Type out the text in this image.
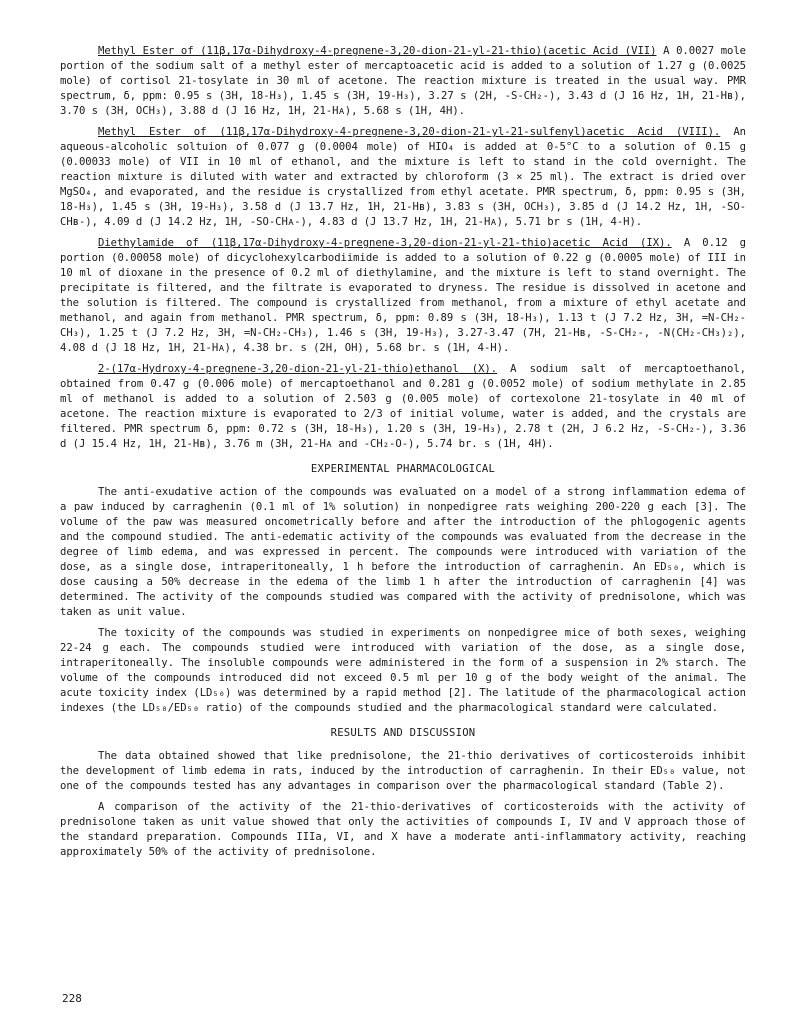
Methyl Ester of (11β,17α-Dihydroxy-4-pregnene-3,20-dion-21-yl-21-thio)(acetic Acid (VII) A 0.0027 mole portion of the sodium salt of a methyl ester of mercaptoacetic acid is added to a solution of 1.27 g (0.0025 mole) of cortisol 21-tosylate in 30 ml of acetone. The reaction mixture is treated in the usual way. PMR spectrum, δ, ppm: 0.95 s (3H, 18-H₃), 1.45 s (3H, 19-H₃), 3.27 s (2H, -S-CH₂-), 3.43 d (J 16 Hz, 1H, 21-Hʙ), 3.70 s (3H, OCH₃), 3.88 d (J 16 Hz, 1H, 21-Hᴀ), 5.68 s (1H, 4H).

Methyl Ester of (11β,17α-Dihydroxy-4-pregnene-3,20-dion-21-yl-21-sulfenyl)acetic Acid (VIII). An aqueous-alcoholic soltuion of 0.077 g (0.0004 mole) of HIO₄ is added at 0-5°C to a solution of 0.15 g (0.00033 mole) of VII in 10 ml of ethanol, and the mixture is left to stand in the cold overnight. The reaction mixture is diluted with water and extracted by chloroform (3 × 25 ml). The extract is dried over MgSO₄, and evaporated, and the residue is crystallized from ethyl acetate. PMR spectrum, δ, ppm: 0.95 s (3H, 18-H₃), 1.45 s (3H, 19-H₃), 3.58 d (J 13.7 Hz, 1H, 21-Hʙ), 3.83 s (3H, OCH₃), 3.85 d (J 14.2 Hz, 1H, -SO- CHʙ-), 4.09 d (J 14.2 Hz, 1H, -SO-CHᴀ-), 4.83 d (J 13.7 Hz, 1H, 21-Hᴀ), 5.71 br s (1H, 4-H).

Diethylamide of (11β,17α-Dihydroxy-4-pregnene-3,20-dion-21-yl-21-thio)acetic Acid (IX). A 0.12 g portion (0.00058 mole) of dicyclohexylcarbodiimide is added to a solution of 0.22 g (0.0005 mole) of III in 10 ml of dioxane in the presence of 0.2 ml of diethylamine, and the mixture is left to stand overnight. The precipitate is filtered, and the filtrate is evaporated to dryness. The residue is dissolved in acetone and the solution is filtered. The compound is crystallized from methanol, from a mixture of ethyl acetate and methanol, and again from methanol. PMR spectrum, δ, ppm: 0.89 s (3H, 18-H₃), 1.13 t (J 7.2 Hz, 3H, =N-CH₂-CH₃), 1.25 t (J 7.2 Hz, 3H, =N-CH₂-CH₃), 1.46 s (3H, 19-H₃), 3.27-3.47 (7H, 21-Hʙ, -S-CH₂-, -N(CH₂-CH₃)₂), 4.08 d (J 18 Hz, 1H, 21-Hᴀ), 4.38 br. s (2H, OH), 5.68 br. s (1H, 4-H).

2-(17α-Hydroxy-4-pregnene-3,20-dion-21-yl-21-thio)ethanol (X). A sodium salt of mercaptoethanol, obtained from 0.47 g (0.006 mole) of mercaptoethanol and 0.281 g (0.0052 mole) of sodium methylate in 2.85 ml of methanol is added to a solution of 2.503 g (0.005 mole) of cortexolone 21-tosylate in 40 ml of acetone. The reaction mixture is evaporated to 2/3 of initial volume, water is added, and the crystals are filtered. PMR spectrum δ, ppm: 0.72 s (3H, 18-H₃), 1.20 s (3H, 19-H₃), 2.78 t (2H, J 6.2 Hz, -S-CH₂-), 3.36 d (J 15.4 Hz, 1H, 21-Hʙ), 3.76 m (3H, 21-Hᴀ and -CH₂-O-), 5.74 br. s (1H, 4H).

EXPERIMENTAL PHARMACOLOGICAL

The anti-exudative action of the compounds was evaluated on a model of a strong inflammation edema of a paw induced by carraghenin (0.1 ml of 1% solution) in nonpedigree rats weighing 200-220 g each [3]. The volume of the paw was measured oncometrically before and after the introduction of the phlogogenic agents and the compound studied. The anti-edematic activity of the compounds was evaluated from the decrease in the degree of limb edema, and was expressed in percent. The compounds were introduced with variation of the dose, as a single dose, intraperitoneally, 1 h before the introduction of carraghenin. An ED₅₀, which is dose causing a 50% decrease in the edema of the limb 1 h after the introduction of carraghenin [4] was determined. The activity of the compounds studied was compared with the activity of prednisolone, which was taken as unit value.

The toxicity of the compounds was studied in experiments on nonpedigree mice of both sexes, weighing 22-24 g each. The compounds studied were introduced with variation of the dose, as a single dose, intraperitoneally. The insoluble compounds were administered in the form of a suspension in 2% starch. The volume of the compounds introduced did not exceed 0.5 ml per 10 g of the body weight of the animal. The acute toxicity index (LD₅₀) was determined by a rapid method [2]. The latitude of the pharmacological action indexes (the LD₅₀/ED₅₀ ratio) of the compounds studied and the pharmacological standard were calculated.

RESULTS AND DISCUSSION

The data obtained showed that like prednisolone, the 21-thio derivatives of corticosteroids inhibit the development of limb edema in rats, induced by the introduction of carraghenin. In their ED₅₀ value, not one of the compounds tested has any advantages in comparison over the pharmacological standard (Table 2).

A comparison of the activity of the 21-thio-derivatives of corticosteroids with the activity of prednisolone taken as unit value showed that only the activities of compounds I, IV and V approach those of the standard preparation. Compounds IIIa, VI, and X have a moderate anti-inflammatory activity, reaching approximately 50% of the activity of prednisolone.

228
